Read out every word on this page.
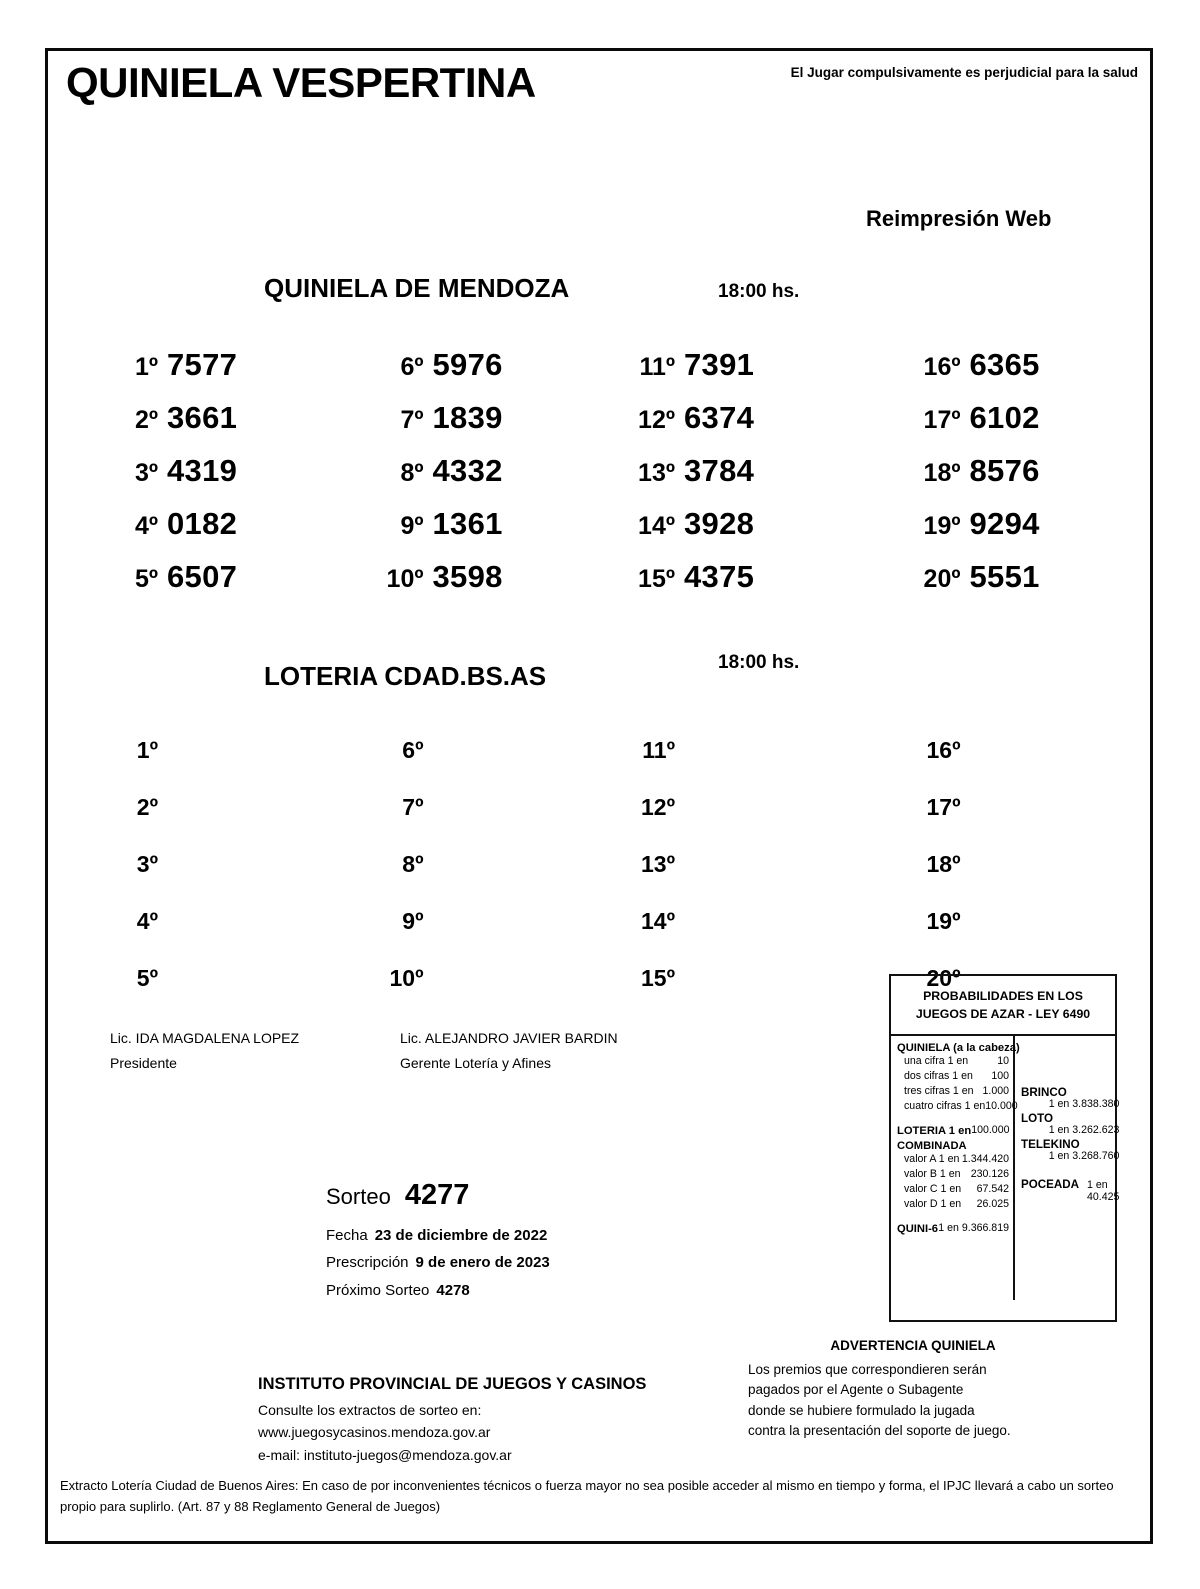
QUINIELA VESPERTINA	El Jugar compulsivamente es perjudicial para la salud
QUINIELA DE MENDOZA	18:00 hs.
Reimpresión Web
1º 7577
2º 3661
3º 4319
4º 0182
5º 6507
6º 5976
7º 1839
8º 4332
9º 1361
10º 3598
11º 7391
12º 6374
13º 3784
14º 3928
15º 4375
16º 6365
17º 6102
18º 8576
19º 9294
20º 5551
LOTERIA CDAD.BS.AS	18:00 hs.
1º
2º
3º
4º
5º
6º
7º
8º
9º
10º
11º
12º
13º
14º
15º
16º
17º
18º
19º
20º
Lic. IDA MAGDALENA LOPEZ
Presidente
Lic. ALEJANDRO JAVIER BARDIN
Gerente Lotería y Afines
PROBABILIDADES EN LOS
JUEGOS DE AZAR - LEY 6490
QUINIELA (a la cabeza)
una cifra 1 en	10
dos cifras 1 en 100
tres cifras 1 en 1.000
cuatro cifras 1 en 10.000
LOTERIA 1 en 100.000
COMBINADA
valor A 1 en 1.344.420
valor B 1 en 230.126
valor C 1 en 67.542
valor D 1 en 26.025
QUINI-6 1 en 9.366.819
BRINCO
1 en 3.838.380
LOTO
1 en 3.262.623
TELEKINO
1 en 3.268.760
POCEADA 1 en 40.425
Sorteo 4277
Fecha 23 de diciembre de 2022
Prescripción 9 de enero de 2023
Próximo Sorteo 4278
ADVERTENCIA QUINIELA

Los premios que correspondieren serán

pagados por el Agente o Subagente

donde se hubiere formulado la jugada

contra la presentación del soporte de juego.

INSTITUTO PROVINCIAL DE JUEGOS Y CASINOS
Consulte los extractos de sorteo en:
www.juegosycasinos.mendoza.gov.ar
e-mail: instituto-juegos@mendoza.gov.ar
Extracto Lotería Ciudad de Buenos Aires: En caso de por inconvenientes técnicos o fuerza mayor no sea posible acceder al mismo en tiempo y forma, el IPJC llevará a cabo un sorteo propio para suplirlo. (Art. 87 y 88 Reglamento General de Juegos)
